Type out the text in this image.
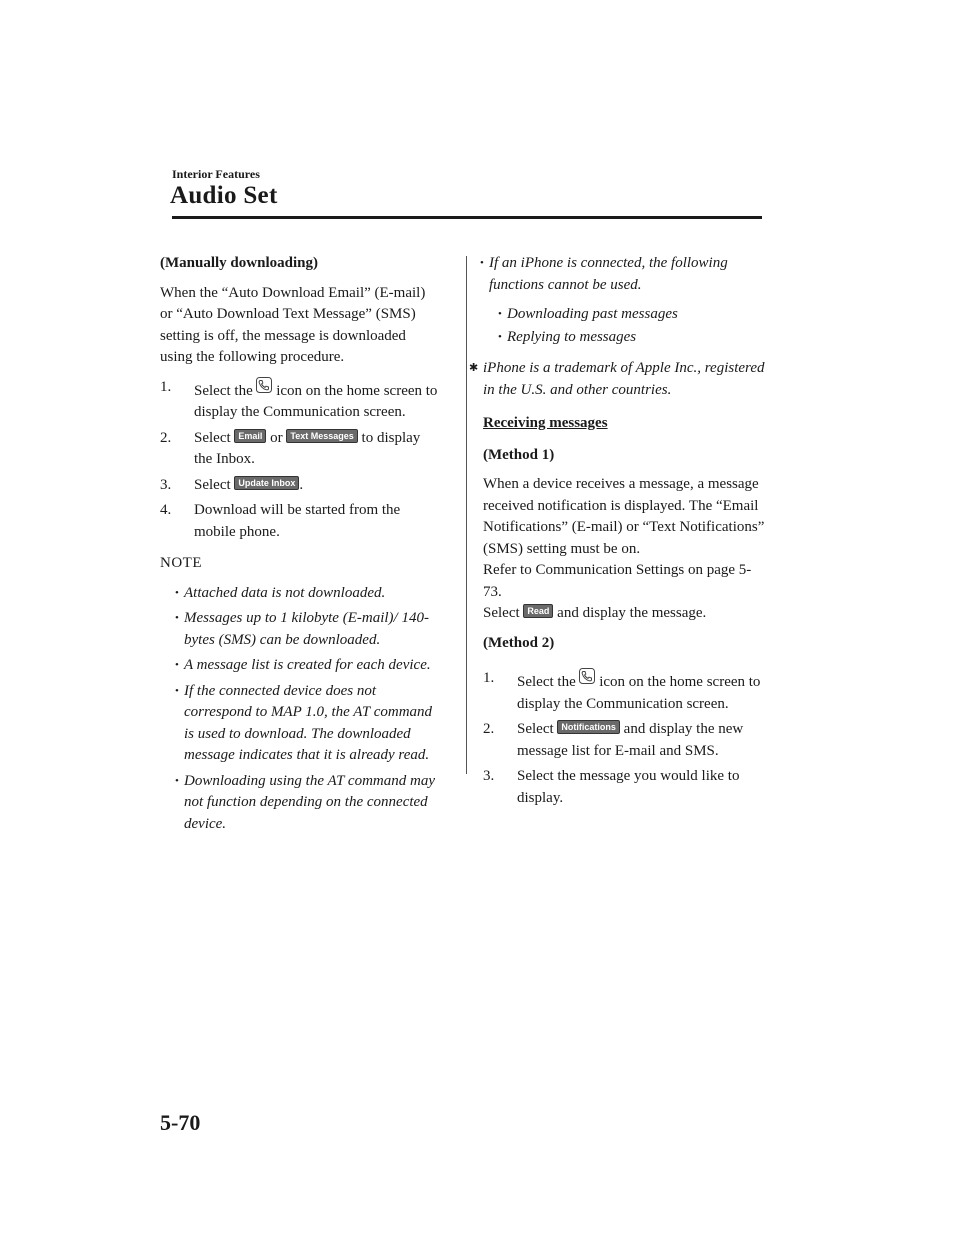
Interior Features
Audio Set

(Manually downloading)

When the “Auto Download Email” (E-mail) or “Auto Download Text Message” (SMS) setting is off, the message is downloaded using the following procedure.

1. Select the icon on the home screen to display the Communication screen.
2. Select Email or Text Messages to display the Inbox.
3. Select Update Inbox .
4. Download will be started from the mobile phone.

NOTE

• Attached data is not downloaded.
• Messages up to 1 kilobyte (E-mail)/ 140-bytes (SMS) can be downloaded.
• A message list is created for each device.
• If the connected device does not correspond to MAP 1.0, the AT command is used to download. The downloaded message indicates that it is already read.
• Downloading using the AT command may not function depending on the connected device.
• If an iPhone is connected, the following functions cannot be used.
• Downloading past messages
• Replying to messages
✱ iPhone is a trademark of Apple Inc., registered in the U.S. and other countries.
Receiving messages

(Method 1)

When a device receives a message, a message received notification is displayed. The “Email Notifications” (E-mail) or “Text Notifications” (SMS) setting must be on.
Refer to Communication Settings on page 5-73.

Select Read and display the message.

(Method 2)

1. Select the icon on the home screen to display the Communication screen.
2. Select Notifications and display the new message list for E-mail and SMS.
3. Select the message you would like to display.
5-70
